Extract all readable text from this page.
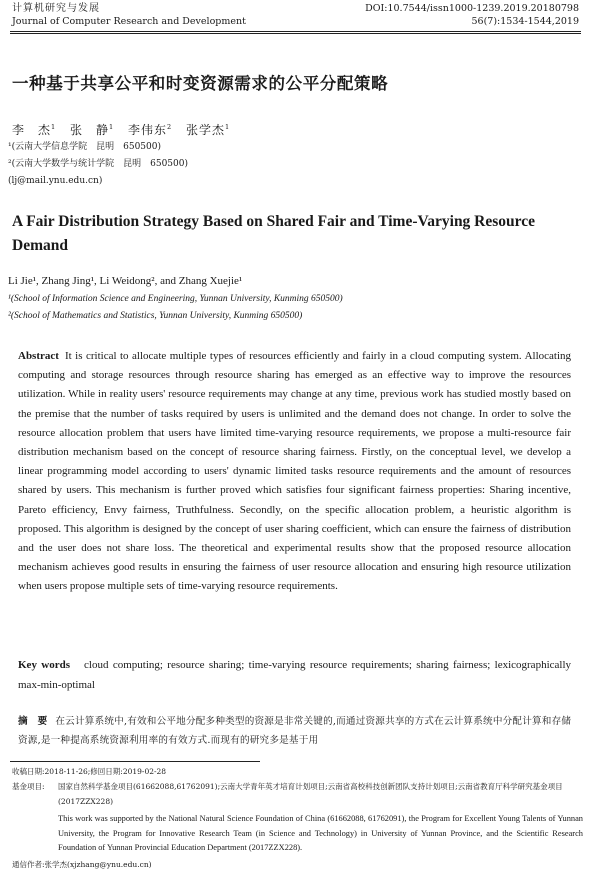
计算机研究与发展
Journal of Computer Research and Development
DOI:10.7544/issn1000-1239.2019.20180798
56(7):1534-1544,2019
一种基于共享公平和时变资源需求的公平分配策略
李　杰$^1$ 张　静$^1$ 李伟东$^2$ 张学杰$^1$
¹(云南大学信息学院　昆明　650500)
²(云南大学数学与统计学院　昆明　650500)
(lj@mail.ynu.edu.cn)
A Fair Distribution Strategy Based on Shared Fair and Time-Varying Resource Demand
Li Jie¹, Zhang Jing¹, Li Weidong², and Zhang Xuejie¹
¹(School of Information Science and Engineering, Yunnan University, Kunming 650500)
²(School of Mathematics and Statistics, Yunnan University, Kunming 650500)
Abstract It is critical to allocate multiple types of resources efficiently and fairly in a cloud computing system. Allocating computing and storage resources through resource sharing has emerged as an effective way to improve the resources utilization. While in reality users' resource requirements may change at any time, previous work has studied mostly based on the premise that the number of tasks required by users is unlimited and the demand does not change. In order to solve the resource allocation problem that users have limited time-varying resource requirements, we propose a multi-resource fair distribution mechanism based on the concept of resource sharing fairness. Firstly, on the conceptual level, we develop a linear programming model according to users' dynamic limited tasks resource requirements and the amount of resources shared by users. This mechanism is further proved which satisfies four significant fairness properties: Sharing incentive, Pareto efficiency, Envy fairness, Truthfulness. Secondly, on the specific allocation problem, a heuristic algorithm is proposed. This algorithm is designed by the concept of user sharing coefficient, which can ensure the fairness of distribution and the user does not share loss. The theoretical and experimental results show that the proposed resource allocation mechanism achieves good results in ensuring the fairness of user resource allocation and ensuring high resource utilization when users propose multiple sets of time-varying resource requirements.
Key words cloud computing; resource sharing; time-varying resource requirements; sharing fairness; lexicographically max-min-optimal
摘　要 在云计算系统中,有效和公平地分配多种类型的资源是非常关键的,而通过资源共享的方式在云计算系统中分配计算和存储资源,是一种提高系统资源利用率的有效方式.而现有的研究多是基于用
收稿日期:2018-11-26;修回日期:2019-02-28
基金项目: 国家自然科学基金项目(61662088,61762091);云南大学青年英才培育计划项目;云南省高校科技创新团队支持计划项目;云南省教育厅科学研究基金项目(2017ZZX228)
This work was supported by the National Natural Science Foundation of China (61662088, 61762091), the Program for Excellent Young Talents of Yunnan University, the Program for Innovative Research Team (in Science and Technology) in University of Yunnan Province, and the Scientific Research Foundation of Yunnan Provincial Education Department (2017ZZX228).
通信作者:张学杰(xjzhang@ynu.edu.cn)
